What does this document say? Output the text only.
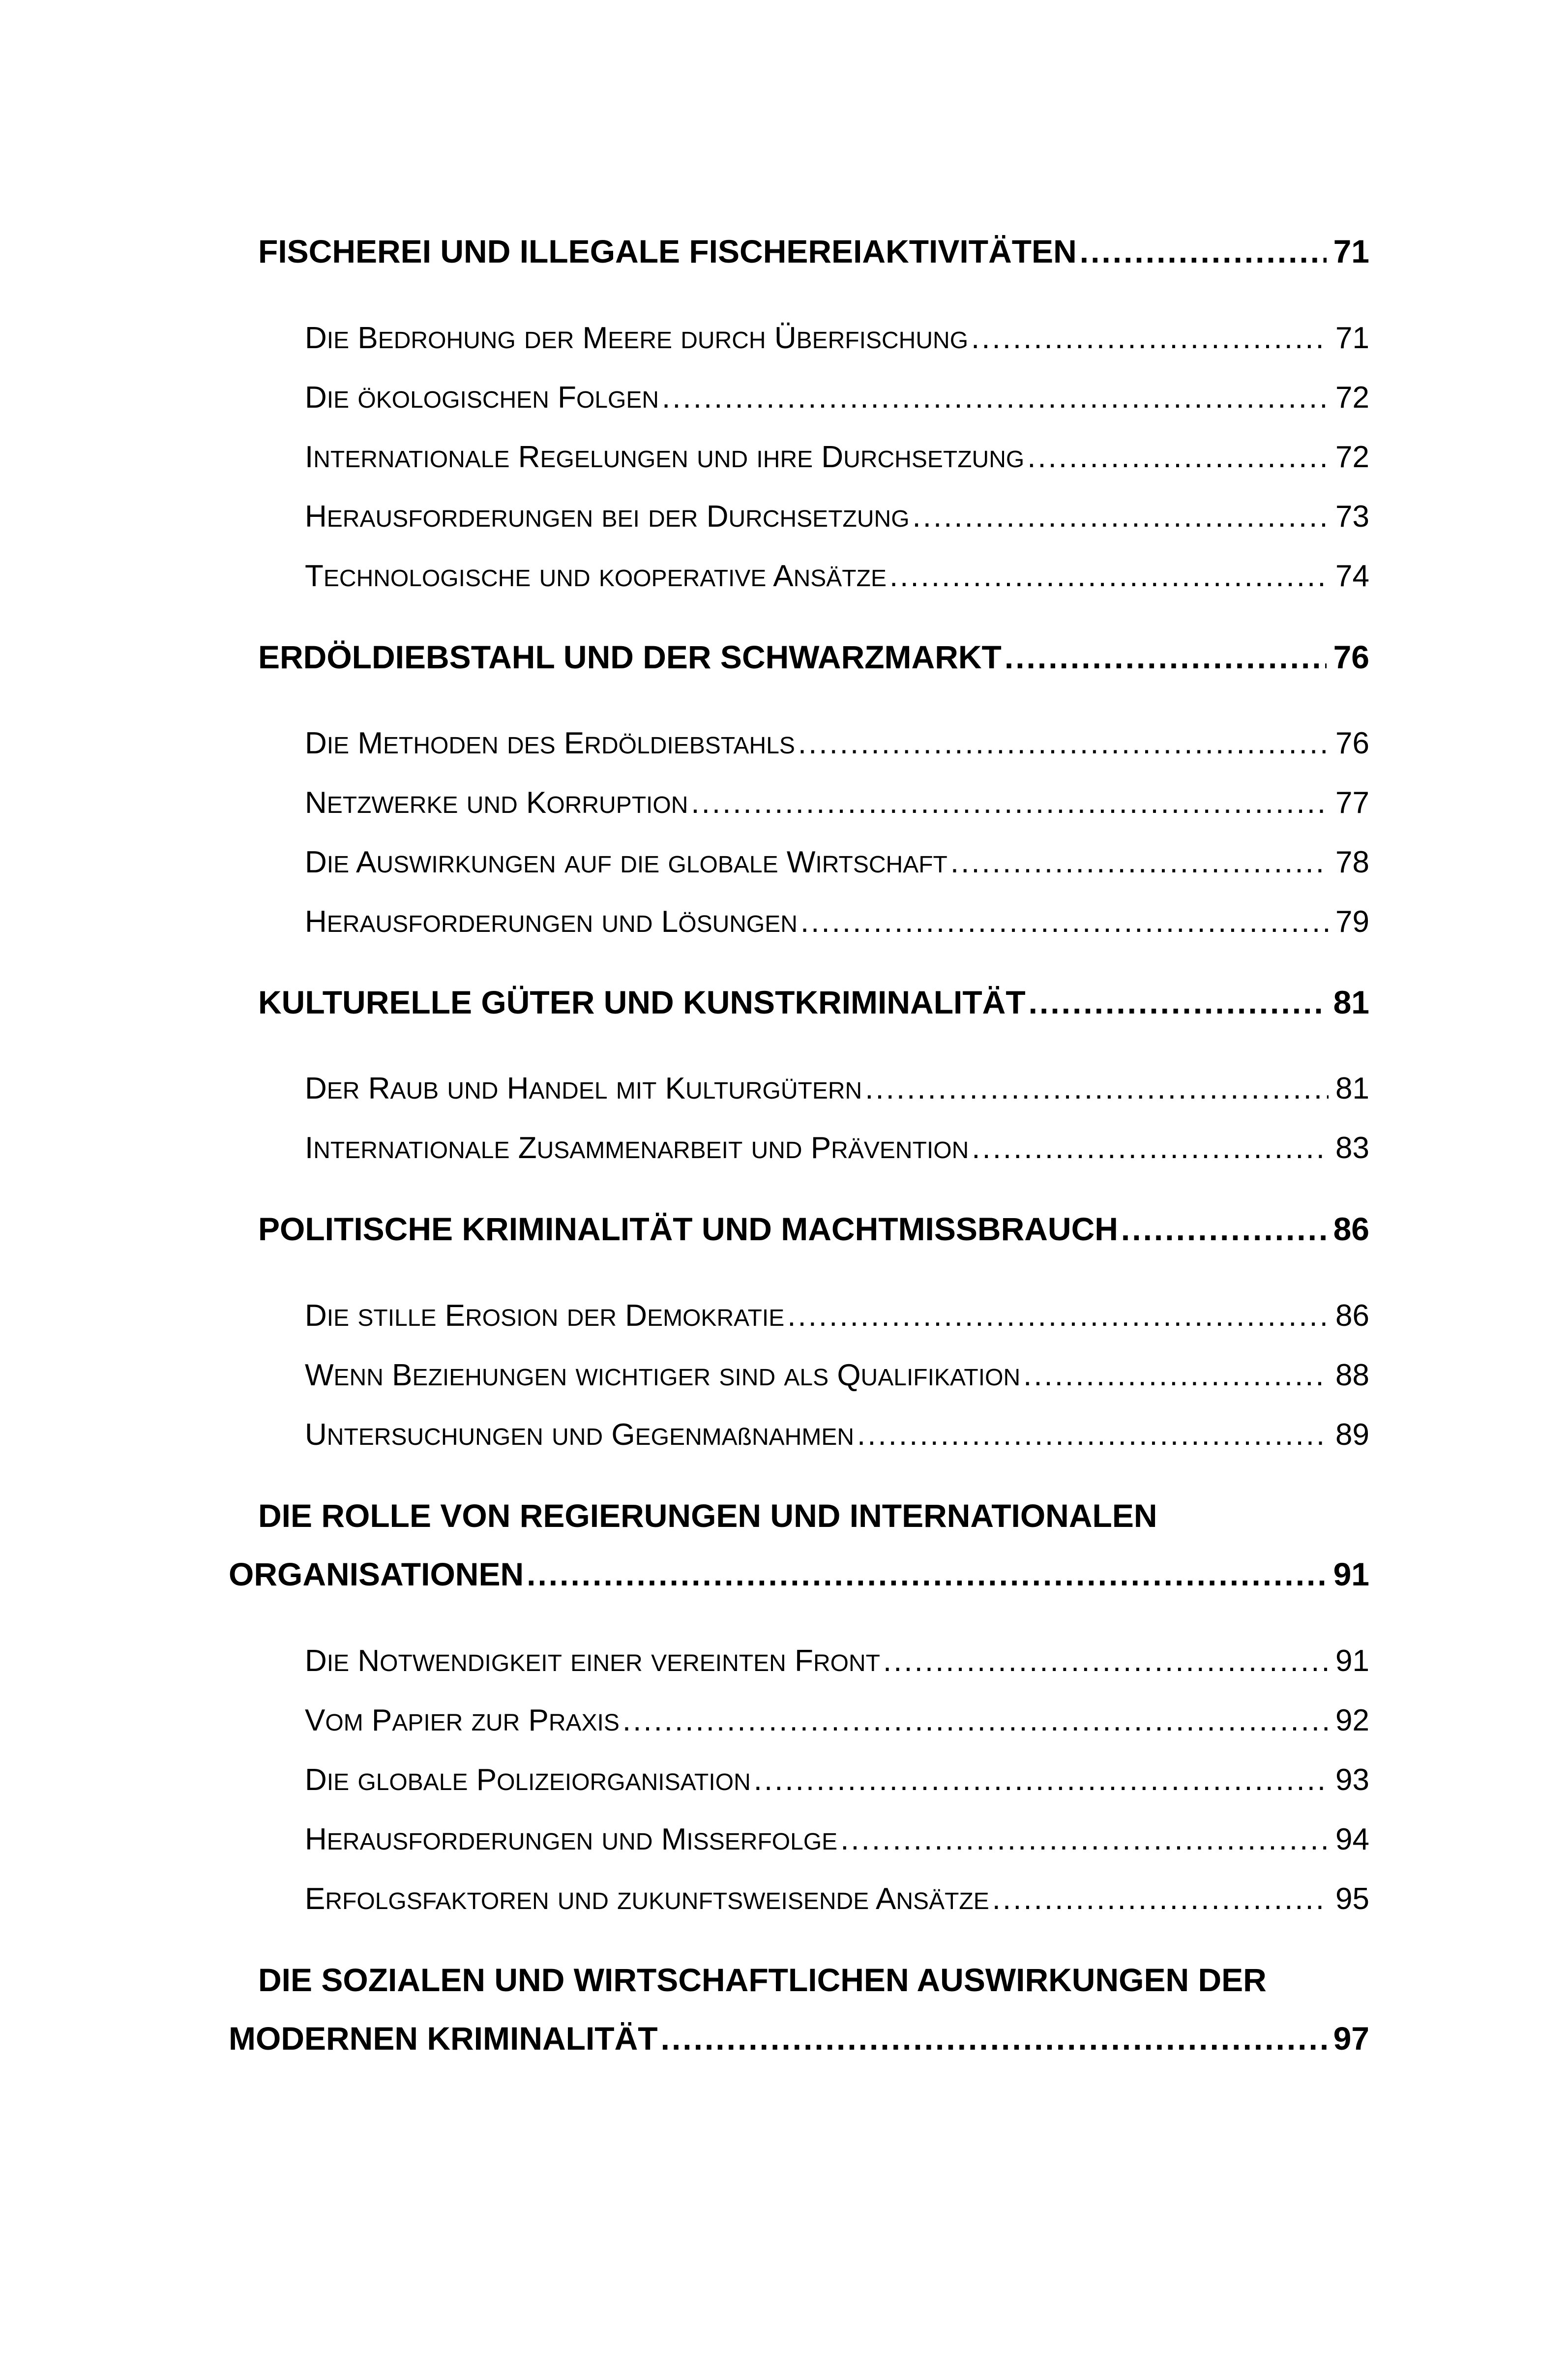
FISCHEREI UND ILLEGALE FISCHEREIAKTIVITÄTEN .....	71
DIE BEDROHUNG DER MEERE DURCH ÜBERFISCHUNG .....	71
DIE ÖKOLOGISCHEN FOLGEN .....	72
INTERNATIONALE REGELUNGEN UND IHRE DURCHSETZUNG .....	72
HERAUSFORDERUNGEN BEI DER DURCHSETZUNG .....	73
TECHNOLOGISCHE UND KOOPERATIVE ANSÄTZE .....	74
ERDÖLDIEBSTAHL UND DER SCHWARZMARKT .....	76
DIE METHODEN DES ERDÖLDIEBSTAHLS .....	76
NETZWERKE UND KORRUPTION .....	77
DIE AUSWIRKUNGEN AUF DIE GLOBALE WIRTSCHAFT .....	78
HERAUSFORDERUNGEN UND LÖSUNGEN .....	79
KULTURELLE GÜTER UND KUNSTKRIMINALITÄT .....	81
DER RAUB UND HANDEL MIT KULTURGÜTERN .....	81
INTERNATIONALE ZUSAMMENARBEIT UND PRÄVENTION .....	83
POLITISCHE KRIMINALITÄT UND MACHTMISSBRAUCH .....	86
DIE STILLE EROSION DER DEMOKRATIE .....	86
WENN BEZIEHUNGEN WICHTIGER SIND ALS QUALIFIKATION .....	88
UNTERSUCHUNGEN UND GEGENMAßNAHMEN .....	89
DIE ROLLE VON REGIERUNGEN UND INTERNATIONALEN
ORGANISATIONEN .....	91
DIE NOTWENDIGKEIT EINER VEREINTEN FRONT .....	91
VOM PAPIER ZUR PRAXIS .....	92
DIE GLOBALE POLIZEIORGANISATION .....	93
HERAUSFORDERUNGEN UND MISSERFOLGE .....	94
ERFOLGSFAKTOREN UND ZUKUNFTSWEISENDE ANSÄTZE .....	95
DIE SOZIALEN UND WIRTSCHAFTLICHEN AUSWIRKUNGEN DER
MODERNEN KRIMINALITÄT .....	97
